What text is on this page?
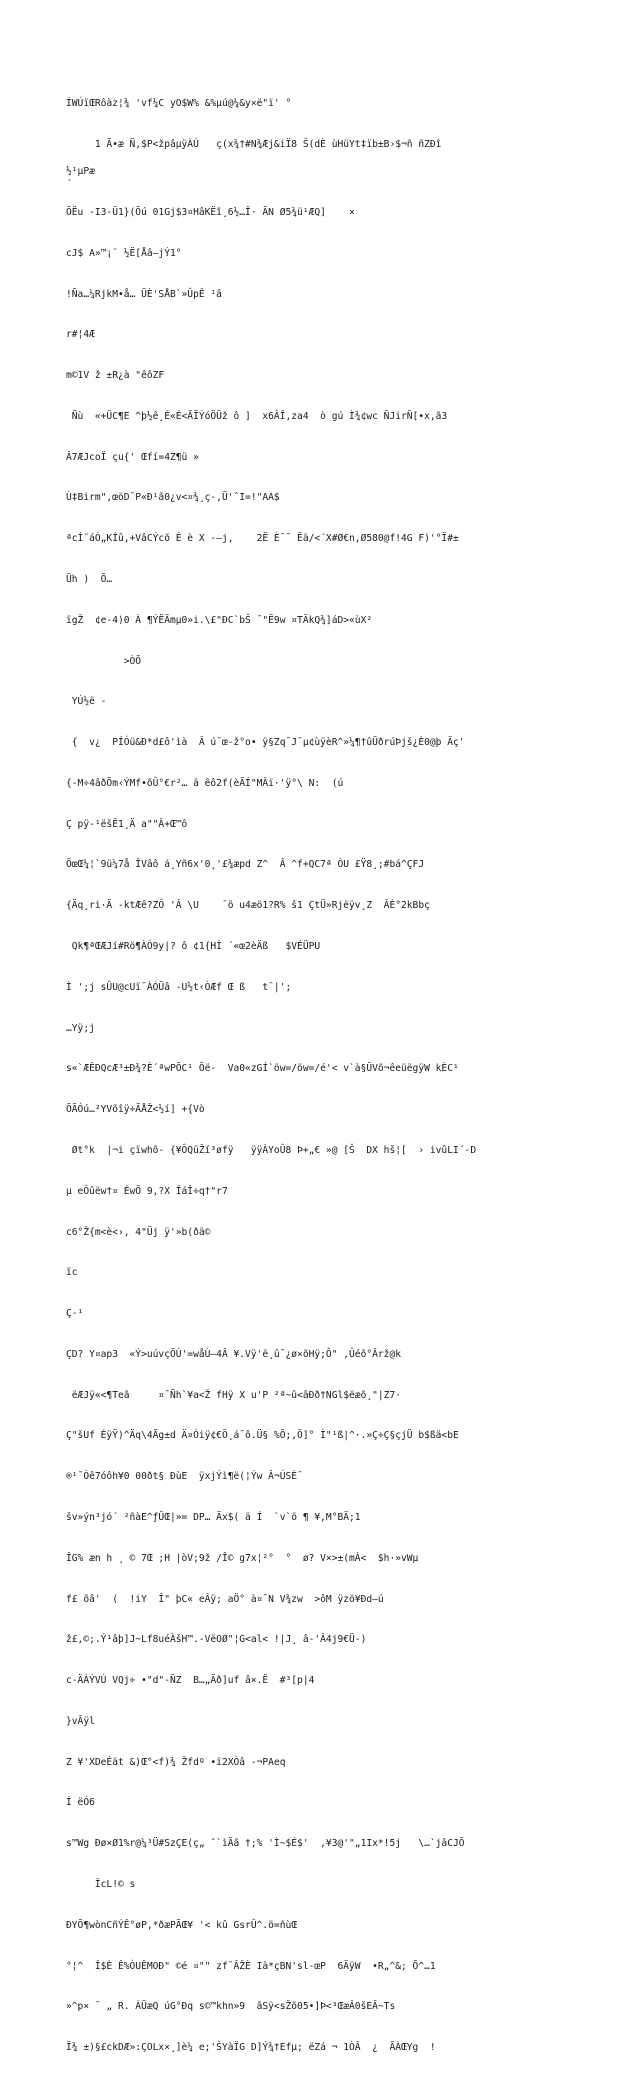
ÍWÚïŒRôàz¦¾ 'vf¼C yO$W% &%µú@¼&y×ë"ï' °

1 Ã•æ Ñ,$P<žpâµÿÀÚ   ç(x¾†#N¾Æj&iÏ8 Š(dÈ ùHüYt‡ïb±B›$¬ñ ñZÐî

´

½¹µPæ

ÕËu -I3-Ü1}(Õú 01Gj$3¤HâKËî¸6½…Î· ÃN Ø5¾ü¹ÆQ]    ×

cJ$ A»™¡¨ ½Ë[Åâ—jÝ1°

!Ña…¼RjkM•å… ÜЀ'SÅB`»ÛpÊ ¹â

r#¦4Æ

m©1V ž ±R¿à "êôZF

Ñù  «+ÜC¶E ^þ½ê¸È«É<ÃÏÝóÖÜž ô ]  x6ÂÎ,za4  ò gú Ì¾¢wc ÑJirÑ[•x,ã3

Â7ÆJcoÏ çu{' Œfí=4Z¶ü »

Ù‡Birm",œöD¯P«Ð¹ã0¿v<¤¾¸ç-,Ü'ˆI=!"AA$

ªcÍ¨áÓ„KÍû,+VâCÝcõ É è X -—j,    2Ë È¯¯ Ëä/<´X#Ø€n,Ø580@f!4G F)'°Ï#±

Üh )  Õ…

ïgŽ  ¢e-4)0 À ¶ÝËÃmµ0»i.\£"ÐC`bŠ ¯"Ë9w ¤TÄkQ¾]áD>«ùX²

>ÒÕ

YÚ½ë -

{  v¿  PÍÓü&Ð*d£ô'ìà  Â ú¯œ-ž°o• ÿ§Zq¯J¯µ¢ùÿèR^»¼¶†ûÜðrúÞjš¿È0@þ Äç'

{-M÷4âðÕm‹ÝMf•õÛ°€r²… ä êô2f(èÃÍ"MÂï·'ÿ°\ N:  (ú

Ç pÿ-¹ëšÊ1¸Ä a""Â+Œ™ô

ÕœŒ¼¦`9ü¼7å ÎVâô á¸Yñ6x'0¸'£¾æpd Z^  Â ^f+QC7ª ÒU £Ÿ8¸;#bá^ÇFJ

{Äq¸ri·Ä -ktÆê?ZÔ 'Â \U    ¯ö u4æö1?R% š1 ÇtÜ»Rjëÿv¸Z  ÂÈ°2kBbç

Qk¶ªŒÆJí#Rö¶ÀÓ9y|? ô ¢1{HÍ ´«œ2èÄß   $VÉÜPU

Ì ';j sÛU@cUï¯ÀÓÜâ -U½t‹ÒÆf Œ ß   t¯|';

…Yÿ;j

s«`ÆÊÐQcÆ³±Ð¾?È´ªwPÕC¹ Õë-  Va0«zGÍ`öw=/öw=/é'< v`à§ÜVõ¬êeüëgÿW kÈC¹

ÕÃÓú…²YVõîÿ÷ÃÅŽ<½í] +{Vò

Øt°k  |¬i çïwhõ- {¥ÔQüŽí³øfÿ   ÿÿÀYoÛ8 Þ+„€ »@ [Š  DX hš¦[  › ivûLI´-D

µ eÔûëw†¤ ÉwÕ 9,?X ÎáÎ÷q†"r7

c6°Ž{m<è<›, 4"Üj ÿ'»b(ðä©

ïc

Ç-¹

ÇD? Y¤ap3  «Ý>uúvçÕÚ'=wåÙ—4Â ¥.Vÿ'ë¸û¯¿ø×õHÿ;Ô" ,Ûéõ°Ârž@k

ëÆJÿ«<¶Teã     ¤¯Ñh`¥a<Ž fHÿ X u'P ²ª~û<âÐð†NGl$ëæõ¸"|Z7·

Ç"šUf ÉÿŸ)^Äq\4Ãg±d Ä¤Óiÿ¢€Ö¸á¯ô.Ü§ %Õ;,Ö]° Ì"¹ß|^·.»Ç÷Ç§çjÜ b$ßä<bE

®¹¯Òê7óôh¥0 00ðt§ ÐùE  ÿxjÝì¶ë(¦Ýw Â¬ÚSÈ¯

šv»ýn³jó´ ²ñàE^ƒÛŒ|»= DP… Äx$( ä Í  `v`ö ¶ ¥,M°BÄ;1

ÎG% æn h ¸ © 7Œ ;H |òV;9ž /Î© g7x¦²°  °  ø? V×>±(mÀ<  $h·»vWµ

f£ õâ'  (  !iY  Î" þC« eÂÿ; aÖ° à¤¯N V¾zw  >ôM ÿzö¥Ðd—ú

ž£,©;.Ý¹âþ]J~Lf8uéÀšH™.-VëOØ"¦G<al< !|J¸ â-'Â4j9€Ü-)

c-ÄÀÝVÚ VQj÷ •"d"-ÑZ  B…„Äð]uf â×.Ë  #³[p|4

}vÂÿl

Z ¥'XDeÉät &)Œ°<f)¾ Žfdº •ï2XÒâ -¬PAeq

Í ëÓ6

s™Wg Ðø×Ø1%r@¼³Ü#SzÇE(ç„ ˆ`ìÃã †;% 'Ì~$É$'  ,¥3@'"„1Ix*!5j   \…`jâCJÕ

ÎcL!© s

ÐYÕ¶wònCñÝÊ°øP,*ðæPÃŒ¥ '< kû GsrÛ^.ö=ñùŒ

°¦^  Î$È Ê%ÒUÊMOÐ" ©é ¤"" zf¯ÂŽÈ Ià*çBN'sl-œP  6ÄÿW  •R„^&; Õ^…1

»^p× ¯ „ R. ÀÜæQ úG°Ðq s©™khn»9  ãSÿ<sŽõ05•]Þ<³ŒæÂ0šEÂ~Ts

Ï¾ ±)§£ckDÆ»:ÇOLx×¸]è¼ e;'ŠYàÏG D]Ý¾†Efµ; ëZá ¬ 1ÒÂ  ¿  ÃÀŒYg  !
